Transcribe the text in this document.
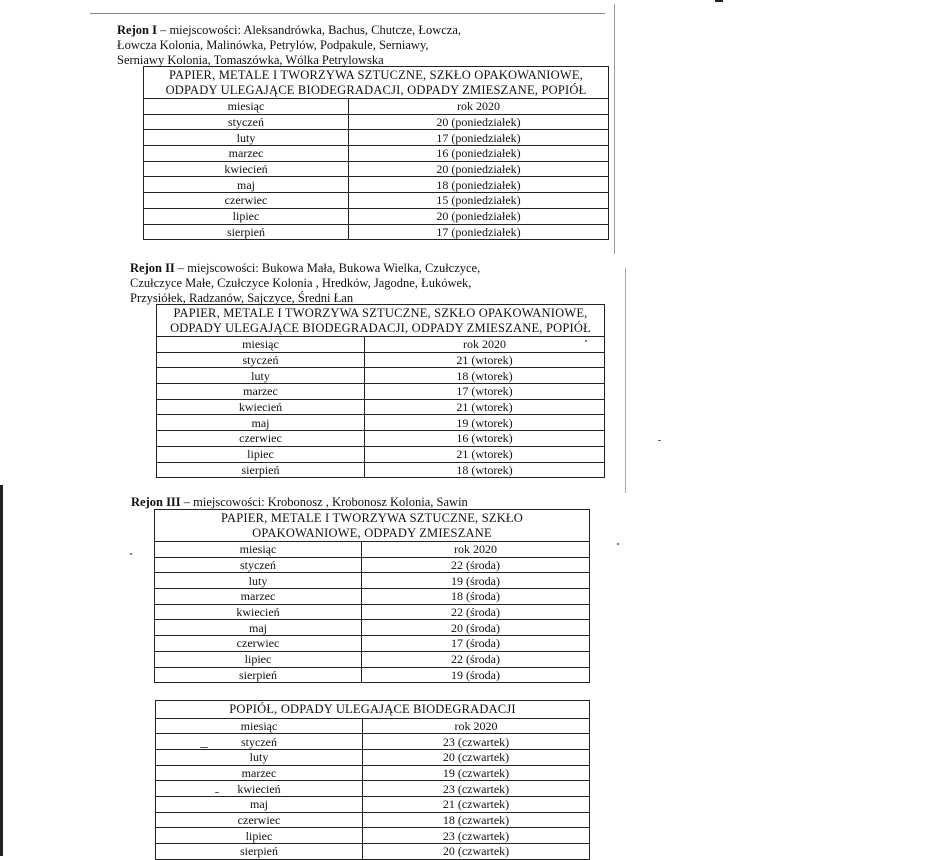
Rejon I – miejscowości: Aleksandrówka, Bachus, Chutcze, Łowcza,
Łowcza Kolonia, Malinówka, Petrylów, Podpakule, Serniawy,
Serniawy Kolonia, Tomaszówka, Wólka Petrylowska
PAPIER, METALE I TWORZYWA SZTUCZNE, SZKŁO OPAKOWANIOWE, ODPADY ULEGAJĄCE BIODEGRADACJI, ODPADY ZMIESZANE, POPIÓŁ	
miesiąc	rok 2020
styczeń	20 (poniedziałek)
luty	17 (poniedziałek)
marzec	16 (poniedziałek)
kwiecień	20 (poniedziałek)
maj	18 (poniedziałek)
czerwiec	15 (poniedziałek)
lipiec	20 (poniedziałek)
sierpień	17 (poniedziałek)
Rejon II – miejscowości: Bukowa Mała, Bukowa Wielka, Czułczyce,
Czułczyce Małe, Czułczyce Kolonia , Hredków, Jagodne, Łukówek,
Przysiółek, Radzanów, Sajczyce, Średni Łan
PAPIER, METALE I TWORZYWA SZTUCZNE, SZKŁO OPAKOWANIOWE, ODPADY ULEGAJĄCE BIODEGRADACJI, ODPADY ZMIESZANE, POPIÓŁ	
miesiąc	rok 2020
styczeń	21 (wtorek)
luty	18 (wtorek)
marzec	17 (wtorek)
kwiecień	21 (wtorek)
maj	19 (wtorek)
czerwiec	16 (wtorek)
lipiec	21 (wtorek)
sierpień	18 (wtorek)
Rejon III – miejscowości: Krobonosz , Krobonosz Kolonia, Sawin
PAPIER, METALE I TWORZYWA SZTUCZNE, SZKŁO OPAKOWANIOWE, ODPADY ZMIESZANE	
miesiąc	rok 2020
styczeń	22 (środa)
luty	19 (środa)
marzec	18 (środa)
kwiecień	22 (środa)
maj	20 (środa)
czerwiec	17 (środa)
lipiec	22 (środa)
sierpień	19 (środa)
POPIÓŁ, ODPADY ULEGAJĄCE BIODEGRADACJI	
miesiąc	rok 2020
styczeń	23 (czwartek)
luty	20 (czwartek)
marzec	19 (czwartek)
kwiecień	23 (czwartek)
maj	21 (czwartek)
czerwiec	18 (czwartek)
lipiec	23 (czwartek)
sierpień	20 (czwartek)
